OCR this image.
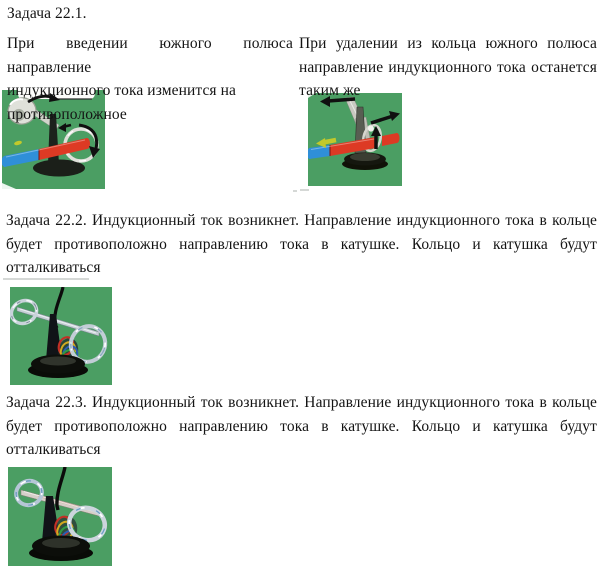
Задача 22.1.
При введении южного полюса направление
индукционного тока изменится на
противоположное
При удалении из кольца южного полюса
направление индукционного тока останется
таким же
Задача 22.2. Индукционный ток возникнет. Направление индукционного тока в кольце
будет противоположно направлению тока в катушке. Кольцо и катушка будут
отталкиваться
Задача 22.3. Индукционный ток возникнет. Направление индукционного тока в кольце
будет противоположно направлению тока в катушке. Кольцо и катушка будут
отталкиваться
